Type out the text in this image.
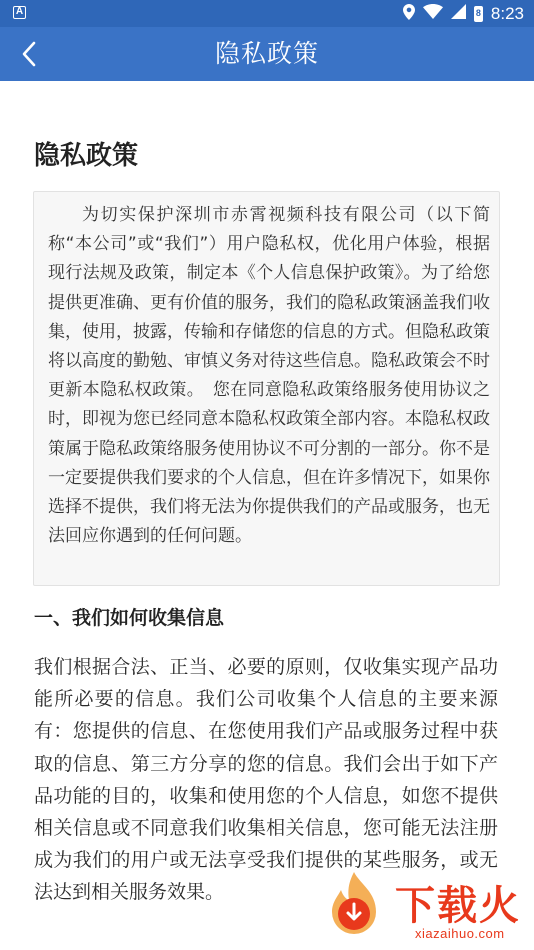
A	8 8:23
隐私政策
隐私政策
为切实保护深圳市赤霄视频科技有限公司（以下简称“本公司”或“我们”）用户隐私权，优化用户体验，根据现行法规及政策，制定本《个人信息保护政策》。为了给您提供更准确、更有价值的服务，我们的隐私政策涵盖我们收集，使用，披露，传输和存储您的信息的方式。但隐私政策将以高度的勤勉、审慎义务对待这些信息。隐私政策会不时更新本隐私权政策。　您在同意隐私政策络服务使用协议之时，即视为您已经同意本隐私权政策全部内容。本隐私权政策属于隐私政策络服务使用协议不可分割的一部分。你不是一定要提供我们要求的个人信息，但在许多情况下，如果你选择不提供，我们将无法为你提供我们的产品或服务，也无法回应你遇到的任何问题。
一、我们如何收集信息

我们根据合法、正当、必要的原则，仅收集实现产品功能所必要的信息。我们公司收集个人信息的主要来源有：您提供的信息、在您使用我们产品或服务过程中获取的信息、第三方分享的您的信息。我们会出于如下产品功能的目的，收集和使用您的个人信息，如您不提供相关信息或不同意我们收集相关信息，您可能无法注册成为我们的用户或无法享受我们提供的某些服务，或无法达到相关服务效果。	下载火
xiazaihuo.com
